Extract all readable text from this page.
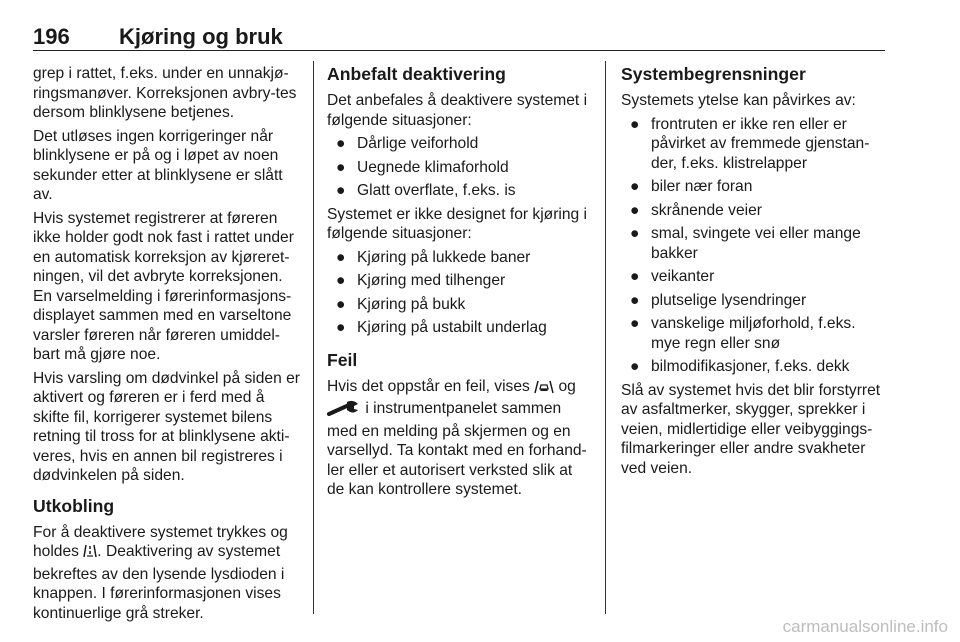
196 Kjøring og bruk

grep i rattet, f.eks. under en unnakjø-ringsmanøver. Korreksjonen avbry-tes dersom blinklysene betjenes.

Det utløses ingen korrigeringer når blinklysene er på og i løpet av noen sekunder etter at blinklysene er slått av.

Hvis systemet registrerer at føreren ikke holder godt nok fast i rattet under en automatisk korreksjon av kjøreret-ningen, vil det avbryte korreksjonen.

En varselmelding i førerinformasjons-displayet sammen med en varseltone varsler føreren når føreren umiddel-bart må gjøre noe.

Hvis varsling om dødvinkel på siden er aktivert og føreren er i ferd med å skifte fil, korrigerer systemet bilens retning til tross for at blinklysene akti-veres, hvis en annen bil registreres i dødvinkelen på siden.

Utkobling

For å deaktivere systemet trykkes og holdes . Deaktivering av systemet bekreftes av den lysende lysdioden i knappen. I førerinformasjonen vises kontinuerlige grå streker.

Anbefalt deaktivering

Det anbefales å deaktivere systemet i følgende situasjoner:

● Dårlige veiforhold
● Uegnede klimaforhold
● Glatt overflate, f.eks. is

Systemet er ikke designet for kjøring i følgende situasjoner:

● Kjøring på lukkede baner
● Kjøring med tilhenger
● Kjøring på bukk
● Kjøring på ustabilt underlag
Feil

Hvis det oppstår en feil, vises og  i instrumentpanelet sammen med en melding på skjermen og en varsellyd. Ta kontakt med en forhand-ler eller et autorisert verksted slik at de kan kontrollere systemet.

Systembegrensninger

Systemets ytelse kan påvirkes av:

● frontruten er ikke ren eller er påvirket av fremmede gjenstan-der, f.eks. klistrelapper
● biler nær foran
● skrånende veier
● smal, svingete vei eller mange bakker
● veikanter
● plutselige lysendringer
● vanskelige miljøforhold, f.eks. mye regn eller snø
● bilmodifikasjoner, f.eks. dekk

Slå av systemet hvis det blir forstyrret av asfaltmerker, skygger, sprekker i veien, midlertidige eller veibyggings-filmarkeringer eller andre svakheter ved veien.

carmanualsonline.info
